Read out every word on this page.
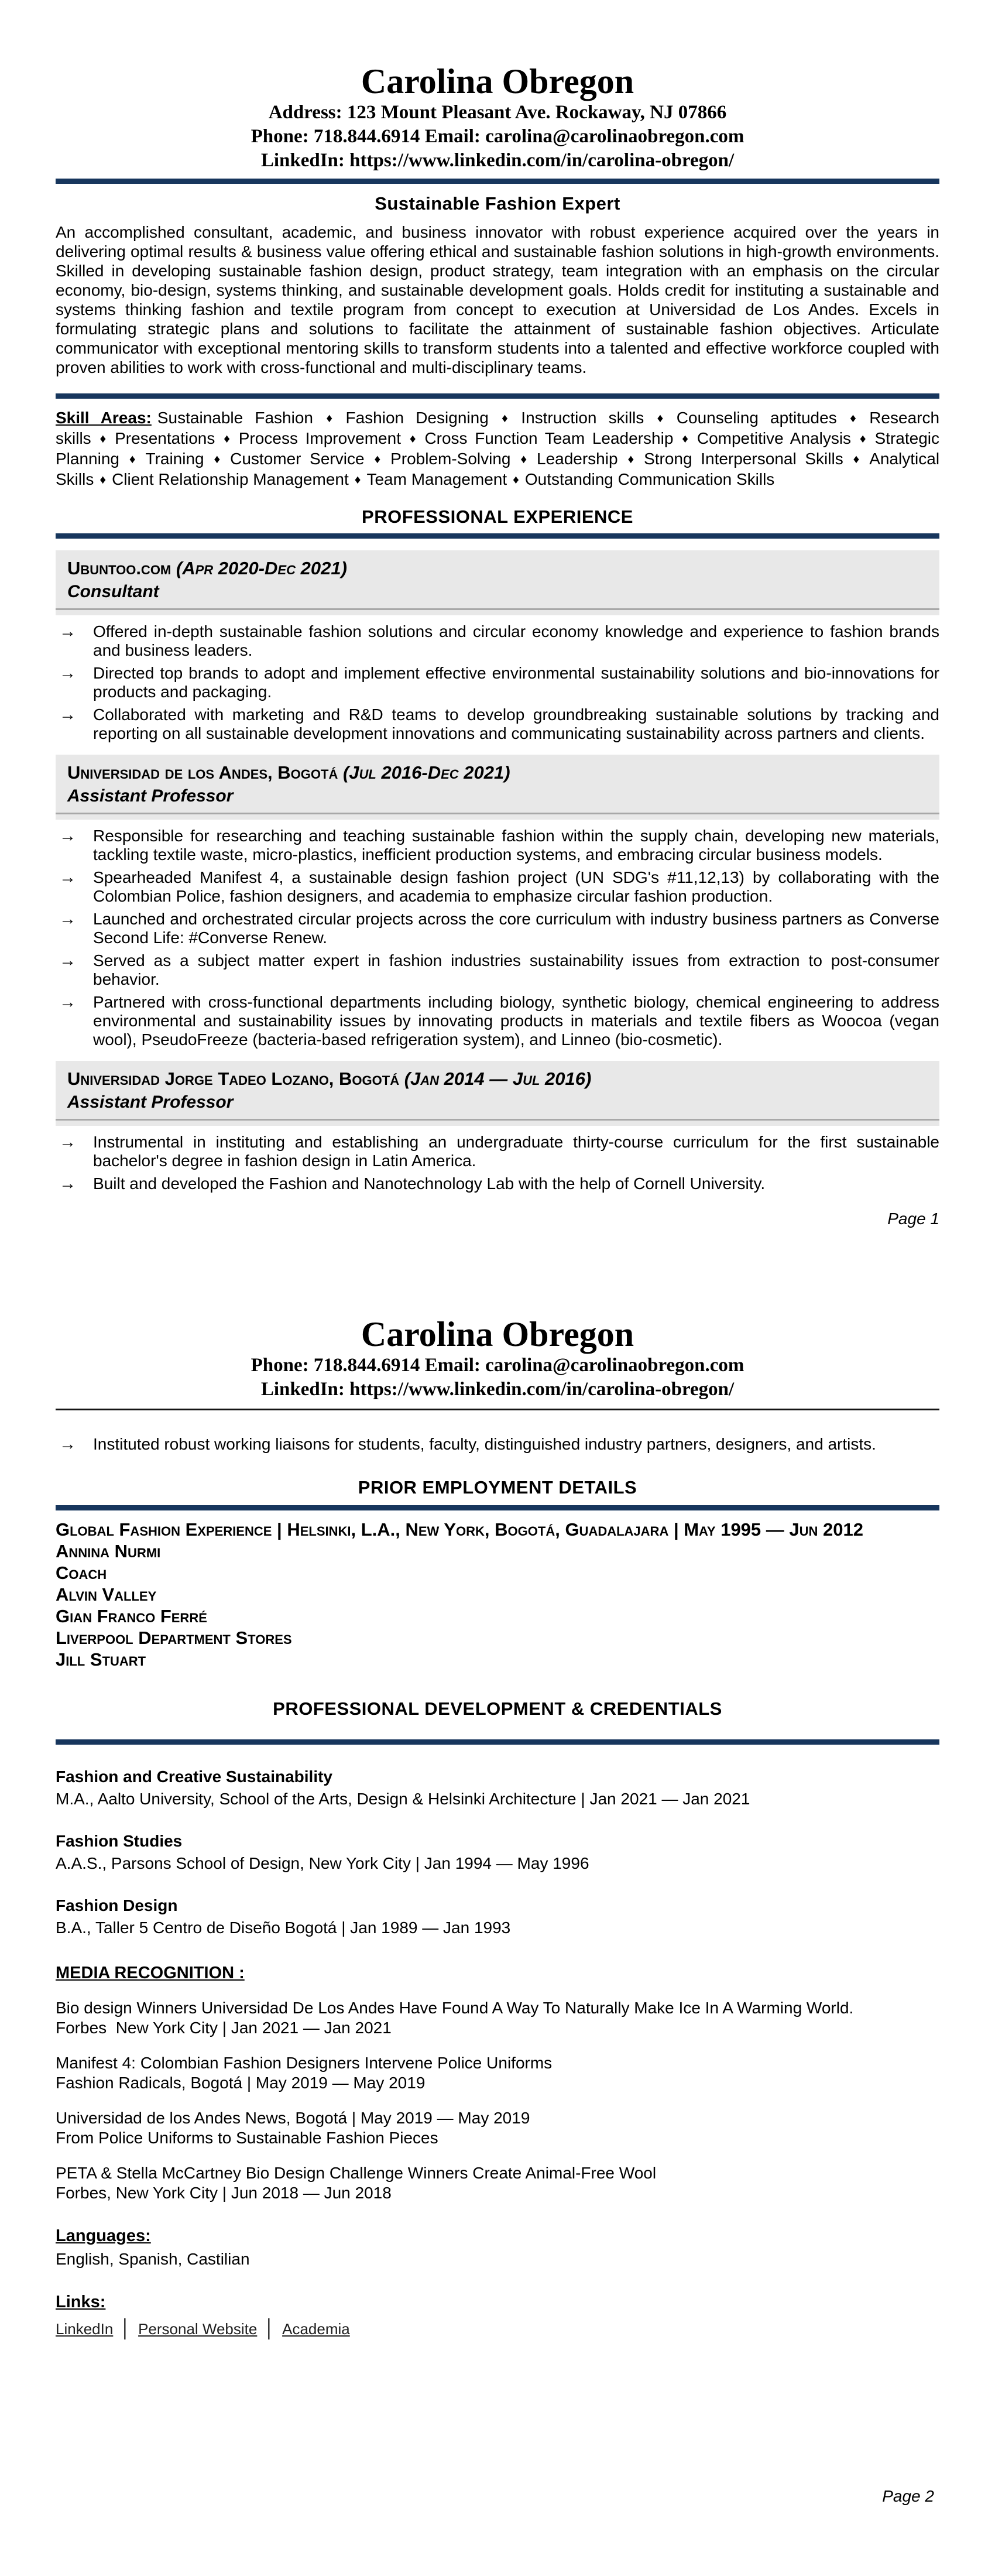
Carolina Obregon
Address: 123 Mount Pleasant Ave. Rockaway, NJ 07866
Phone: 718.844.6914 Email: carolina@carolinaobregon.com
LinkedIn: https://www.linkedin.com/in/carolina-obregon/
Sustainable Fashion Expert

An accomplished consultant, academic, and business innovator with robust experience acquired over the years in delivering optimal results & business value offering ethical and sustainable fashion solutions in high-growth environments. Skilled in developing sustainable fashion design, product strategy, team integration with an emphasis on the circular economy, bio-design, systems thinking, and sustainable development goals. Holds credit for instituting a sustainable and systems thinking fashion and textile program from concept to execution at Universidad de Los Andes. Excels in formulating strategic plans and solutions to facilitate the attainment of sustainable fashion objectives. Articulate communicator with exceptional mentoring skills to transform students into a talented and effective workforce coupled with proven abilities to work with cross-functional and multi-disciplinary teams.

Skill Areas: Sustainable Fashion ♦ Fashion Designing ♦ Instruction skills ♦ Counseling aptitudes ♦ Research skills ♦ Presentations ♦ Process Improvement ♦ Cross Function Team Leadership ♦ Competitive Analysis ♦ Strategic Planning ♦ Training ♦ Customer Service ♦ Problem-Solving ♦ Leadership ♦ Strong Interpersonal Skills ♦ Analytical Skills ♦ Client Relationship Management ♦ Team Management ♦ Outstanding Communication Skills

PROFESSIONAL EXPERIENCE
Ubuntoo.com (Apr 2020-Dec 2021)
Consultant
→	Offered in-depth sustainable fashion solutions and circular economy knowledge and experience to fashion brands and business leaders.
→	Directed top brands to adopt and implement effective environmental sustainability solutions and bio-innovations for products and packaging.
→	Collaborated with marketing and R&D teams to develop groundbreaking sustainable solutions by tracking and reporting on all sustainable development innovations and communicating sustainability across partners and clients.
Universidad de los Andes, Bogotá (Jul 2016-Dec 2021)
Assistant Professor
→	Responsible for researching and teaching sustainable fashion within the supply chain, developing new materials, tackling textile waste, micro-plastics, inefficient production systems, and embracing circular business models.
→	Spearheaded Manifest 4, a sustainable design fashion project (UN SDG's #11,12,13) by collaborating with the Colombian Police, fashion designers, and academia to emphasize circular fashion production.
→	Launched and orchestrated circular projects across the core curriculum with industry business partners as Converse Second Life: #Converse Renew.
→	Served as a subject matter expert in fashion industries sustainability issues from extraction to post-consumer behavior.
→	Partnered with cross-functional departments including biology, synthetic biology, chemical engineering to address environmental and sustainability issues by innovating products in materials and textile fibers as Woocoa (vegan wool), PseudoFreeze (bacteria-based refrigeration system), and Linneo (bio-cosmetic).
Universidad Jorge Tadeo Lozano, Bogotá (Jan 2014 — Jul 2016)
Assistant Professor
→	Instrumental in instituting and establishing an undergraduate thirty-course curriculum for the first sustainable bachelor's degree in fashion design in Latin America.
→	Built and developed the Fashion and Nanotechnology Lab with the help of Cornell University.
Page 1
Carolina Obregon
Phone: 718.844.6914 Email: carolina@carolinaobregon.com
LinkedIn: https://www.linkedin.com/in/carolina-obregon/
→	Instituted robust working liaisons for students, faculty, distinguished industry partners, designers, and artists.
PRIOR EMPLOYMENT DETAILS
Global Fashion Experience | Helsinki, L.A., New York, Bogotá, Guadalajara | May 1995 — Jun 2012
Annina Nurmi
Coach
Alvin Valley
Gian Franco Ferré
Liverpool Department Stores
Jill Stuart
PROFESSIONAL DEVELOPMENT & CREDENTIALS
Fashion and Creative Sustainability
M.A., Aalto University, School of the Arts, Design & Helsinki Architecture | Jan 2021 — Jan 2021
Fashion Studies
A.A.S., Parsons School of Design, New York City | Jan 1994 — May 1996
Fashion Design
B.A., Taller 5 Centro de Diseño Bogotá | Jan 1989 — Jan 1993
MEDIA RECOGNITION :
Bio design Winners Universidad De Los Andes Have Found A Way To Naturally Make Ice In A Warming World.
Forbes  New York City | Jan 2021 — Jan 2021
Manifest 4: Colombian Fashion Designers Intervene Police Uniforms
Fashion Radicals, Bogotá | May 2019 — May 2019
Universidad de los Andes News, Bogotá | May 2019 — May 2019
From Police Uniforms to Sustainable Fashion Pieces
PETA & Stella McCartney Bio Design Challenge Winners Create Animal-Free Wool
Forbes, New York City | Jun 2018 — Jun 2018
Languages:
English, Spanish, Castilian
Links:
LinkedIn │ Personal Website │ Academia
Page 2
